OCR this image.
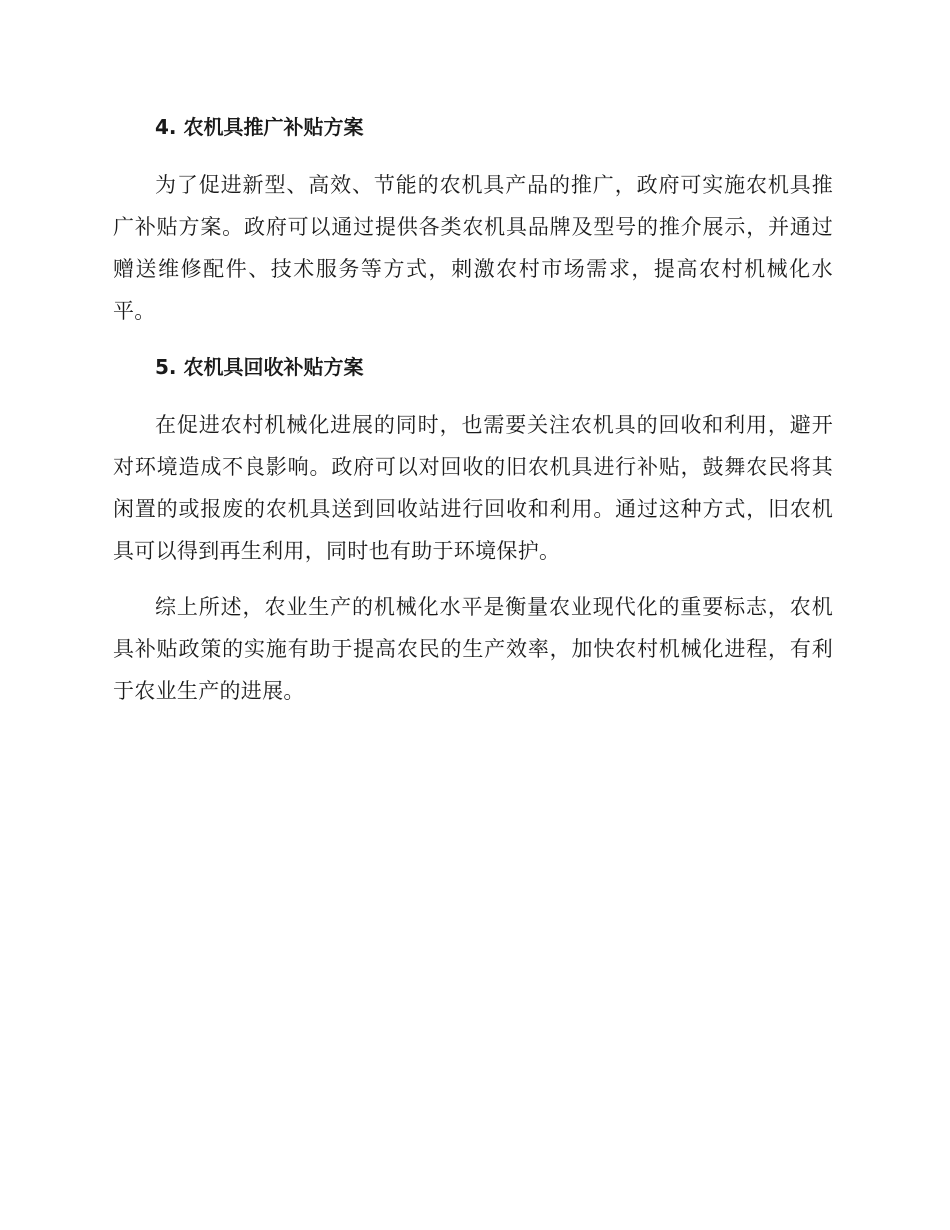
4. 农机具推广补贴方案

为了促进新型、高效、节能的农机具产品的推广，政府可实施农机具推广补贴方案。政府可以通过提供各类农机具品牌及型号的推介展示，并通过赠送维修配件、技术服务等方式，刺激农村市场需求，提高农村机械化水平。

5. 农机具回收补贴方案

在促进农村机械化进展的同时，也需要关注农机具的回收和利用，避开对环境造成不良影响。政府可以对回收的旧农机具进行补贴，鼓舞农民将其闲置的或报废的农机具送到回收站进行回收和利用。通过这种方式，旧农机具可以得到再生利用，同时也有助于环境保护。

综上所述，农业生产的机械化水平是衡量农业现代化的重要标志，农机具补贴政策的实施有助于提高农民的生产效率，加快农村机械化进程，有利于农业生产的进展。
